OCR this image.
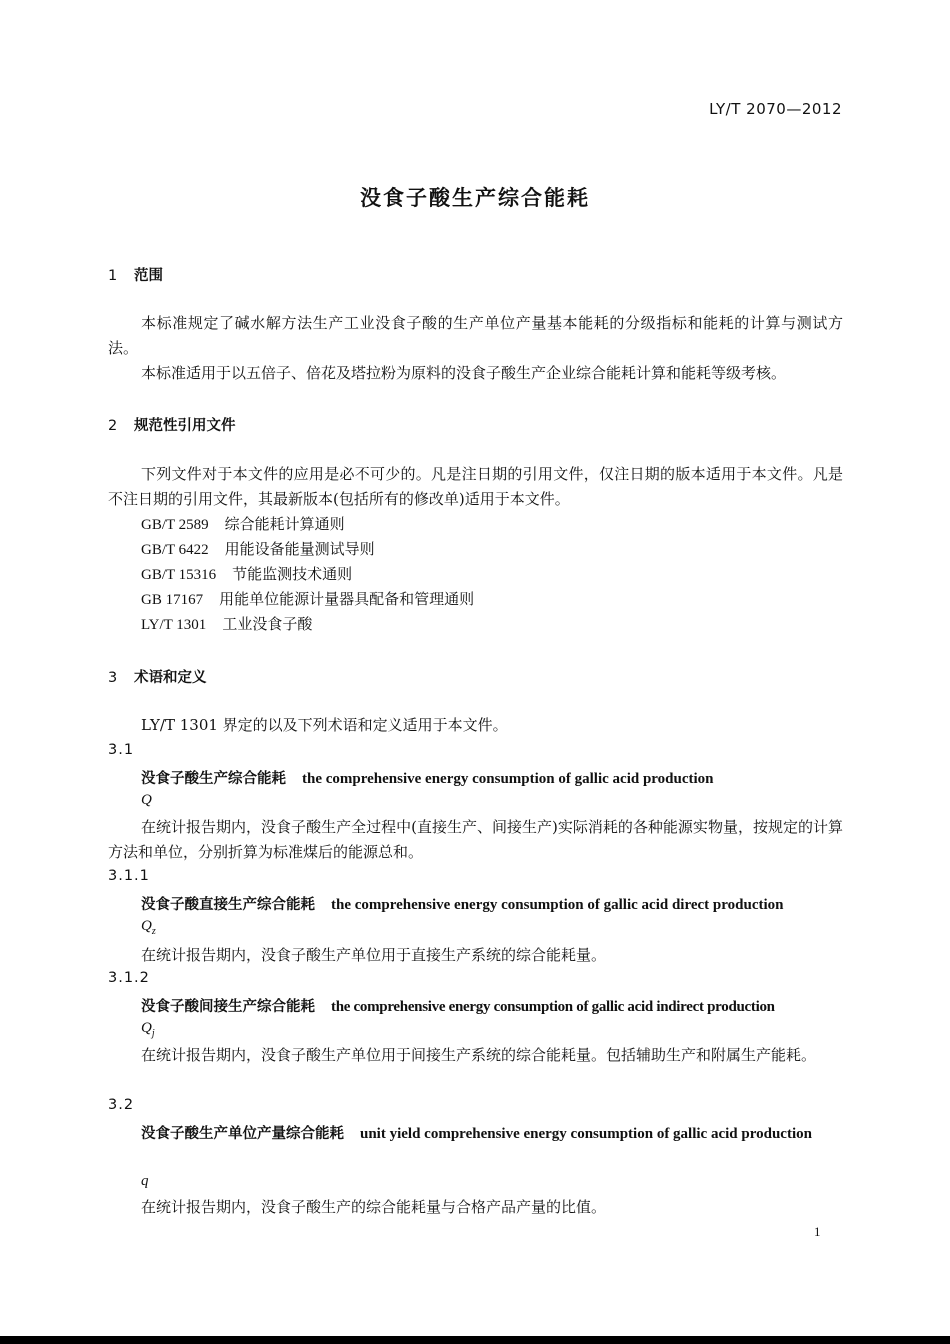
LY/T 2070—2012
没食子酸生产综合能耗
1 范围
本标准规定了碱水解方法生产工业没食子酸的生产单位产量基本能耗的分级指标和能耗的计算与测试方法。
本标准适用于以五倍子、倍花及塔拉粉为原料的没食子酸生产企业综合能耗计算和能耗等级考核。
2 规范性引用文件
下列文件对于本文件的应用是必不可少的。凡是注日期的引用文件，仅注日期的版本适用于本文件。凡是不注日期的引用文件，其最新版本(包括所有的修改单)适用于本文件。
GB/T 2589 综合能耗计算通则
GB/T 6422 用能设备能量测试导则
GB/T 15316 节能监测技术通则
GB 17167 用能单位能源计量器具配备和管理通则
LY/T 1301 工业没食子酸
3 术语和定义
LY/T 1301 界定的以及下列术语和定义适用于本文件。
3.1
没食子酸生产综合能耗 the comprehensive energy consumption of gallic acid production
Q
在统计报告期内，没食子酸生产全过程中(直接生产、间接生产)实际消耗的各种能源实物量，按规定的计算方法和单位，分别折算为标准煤后的能源总和。
3.1.1
没食子酸直接生产综合能耗 the comprehensive energy consumption of gallic acid direct production
$Q_z$
在统计报告期内，没食子酸生产单位用于直接生产系统的综合能耗量。
3.1.2
没食子酸间接生产综合能耗 the comprehensive energy consumption of gallic acid indirect production
$Q_j$
在统计报告期内，没食子酸生产单位用于间接生产系统的综合能耗量。包括辅助生产和附属生产能耗。
3.2
没食子酸生产单位产量综合能耗 unit yield comprehensive energy consumption of gallic acid production
q
在统计报告期内，没食子酸生产的综合能耗量与合格产品产量的比值。
1
